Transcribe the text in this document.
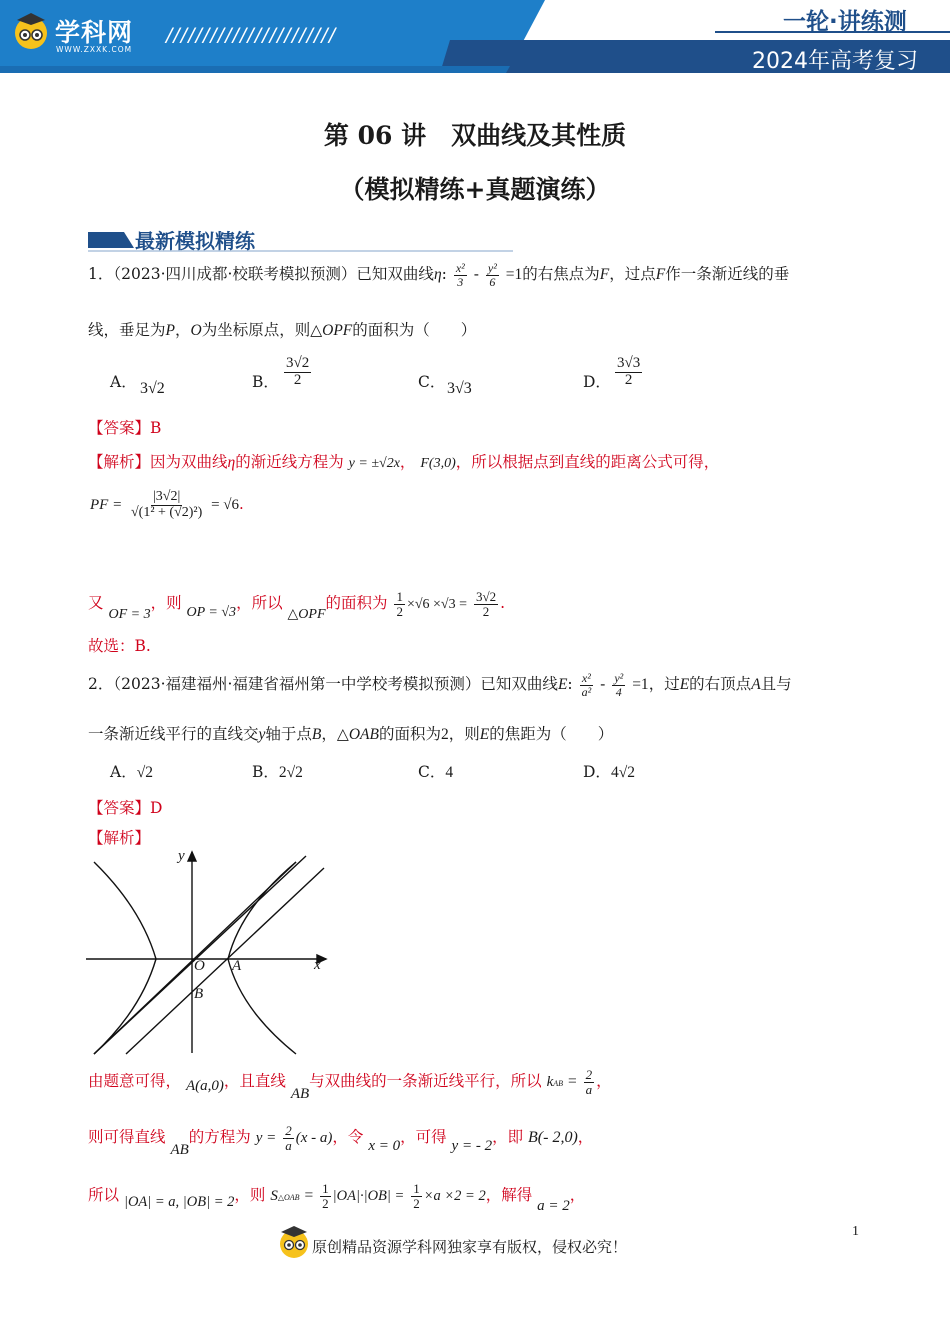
学科网
WWW.ZXXK.COM
///////////////////////	一轮·讲练测
2024年高考复习
第 06 讲　双曲线及其性质
（模拟精练+真题演练）
最新模拟精练
1．（2023·四川成都·校联考模拟预测）已知双曲线η: $\frac{\text{x²}}{3} - \frac{\text{y²}}{6} =1$的右焦点为F，过点F作一条渐近线的垂
线，垂足为P，O为坐标原点，则△OPF的面积为（　　）
A． 3√2	B． $\frac{3√2}{2}$	C． 3√3	D． $\frac{3√3}{2}$
【答案】B
【解析】因为双曲线η的渐近线方程为 y = ±√2x， F(3,0)，所以根据点到直线的距离公式可得，
PF = $\frac{|3√2|}{\text{√(1² + (√2)²)}} = √6$.
又 OF = 3，则 OP = √3，所以 △OPF的面积为 $\frac{1}{2} \times√6 \times√3 = \frac{3√2}{2}$ .
故选：B.
2．（2023·福建福州·福建省福州第一中学校考模拟预测）已知双曲线E: $\frac{\text{x²}}{\text{a²}} - \frac{\text{y²}}{4} =1$，过E的右顶点A且与
一条渐近线平行的直线交y轴于点B，△OAB的面积为2，则E的焦距为（　　）
A．√2	B．2√2	C．4	D．4√2
【答案】D
【解析】
y
x
O A
B
由题意可得， A(a,0)，且直线 AB与双曲线的一条渐近线平行，所以 kAB = $\frac{2}{a}$ ，
则可得直线 AB的方程为 $y = \frac{2}{a} (x - a)$，令 x = 0，可得 y = - 2，即 B(- 2,0)，
所以 |OA| = a, |OB| = 2，则 S△OAB = $\frac{1}{2} |OA|\cdot|OB| = \frac{1}{2} \times a \times 2 = 2$，解得 a = 2，
原创精品资源学科网独家享有版权，侵权必究！
1
